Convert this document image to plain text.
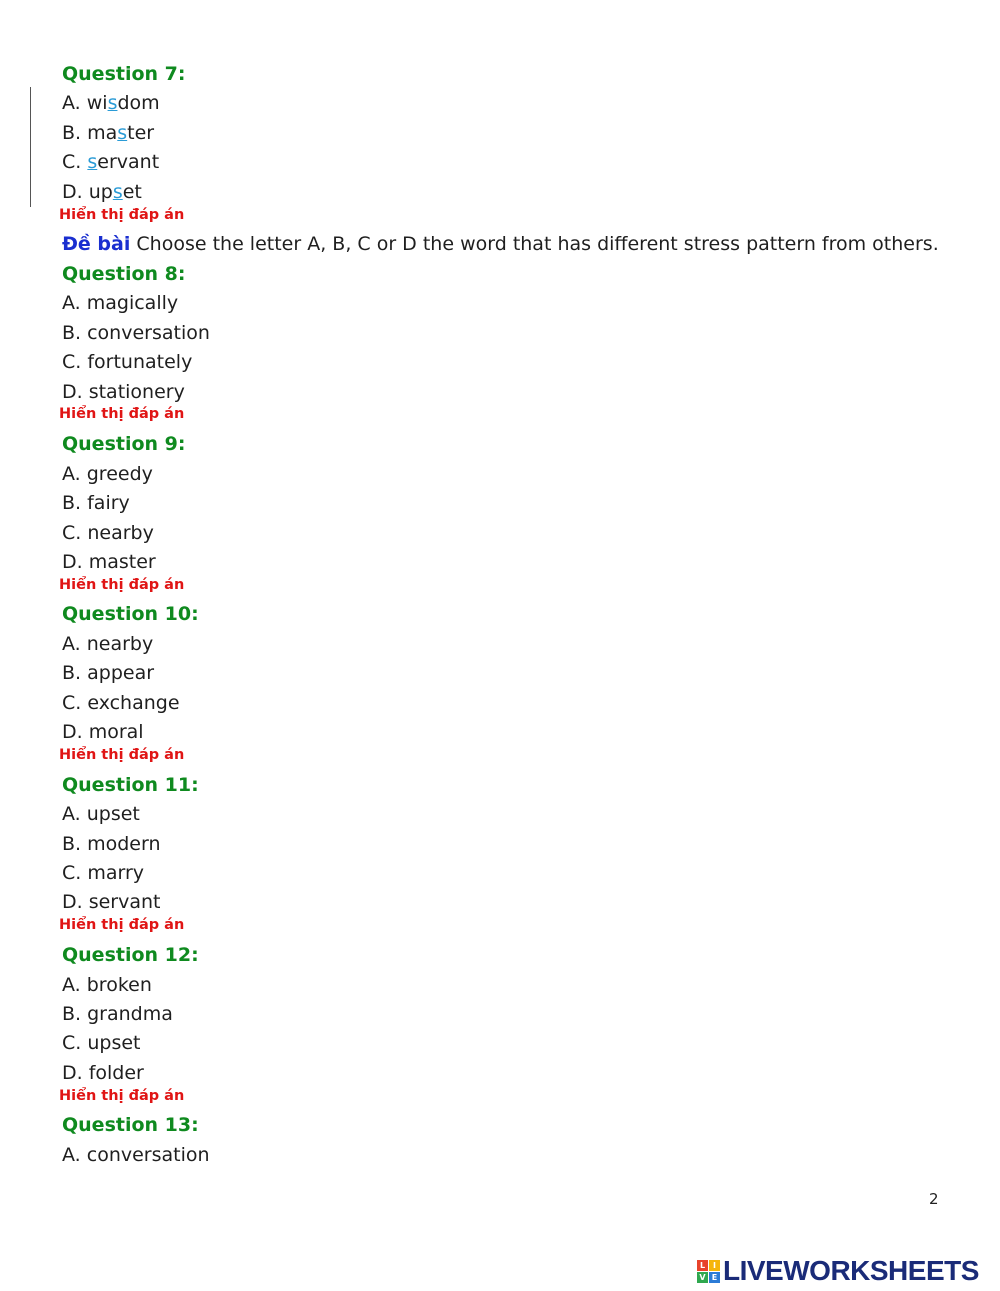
Question 7:
A. wisdom
B. master
C. servant
D. upset
Hiển thị đáp án
Đề bài Choose the letter A, B, C or D the word that has different stress pattern from others.
Question 8:
A. magically
B. conversation
C. fortunately
D. stationery
Hiển thị đáp án
Question 9:
A. greedy
B. fairy
C. nearby
D. master
Hiển thị đáp án
Question 10:
A. nearby
B. appear
C. exchange
D. moral
Hiển thị đáp án
Question 11:
A. upset
B. modern
C. marry
D. servant
Hiển thị đáp án
Question 12:
A. broken
B. grandma
C. upset
D. folder
Hiển thị đáp án
Question 13:
A. conversation
2
L I
V E LIVEWORKSHEETS
